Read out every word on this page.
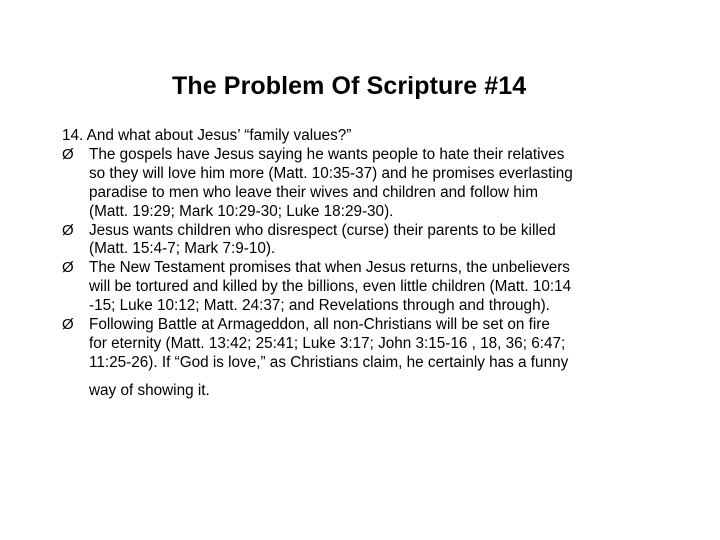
The Problem Of Scripture #14
14. And what about Jesus’ “family values?”
Ø The gospels have Jesus saying he wants people to hate their relatives
so they will love him more (Matt. 10:35-37) and he promises everlasting
paradise to men who leave their wives and children and follow him
(Matt. 19:29; Mark 10:29-30; Luke 18:29-30).
Ø Jesus wants children who disrespect (curse) their parents to be killed
(Matt. 15:4-7; Mark 7:9-10).
Ø The New Testament promises that when Jesus returns, the unbelievers
will be tortured and killed by the billions, even little children (Matt. 10:14
-15; Luke 10:12; Matt. 24:37; and Revelations through and through).
Ø Following Battle at Armageddon, all non-Christians will be set on fire
for eternity (Matt. 13:42; 25:41; Luke 3:17; John 3:15-16 , 18, 36; 6:47;
11:25-26). If “God is love,” as Christians claim, he certainly has a funny
way of showing it.
